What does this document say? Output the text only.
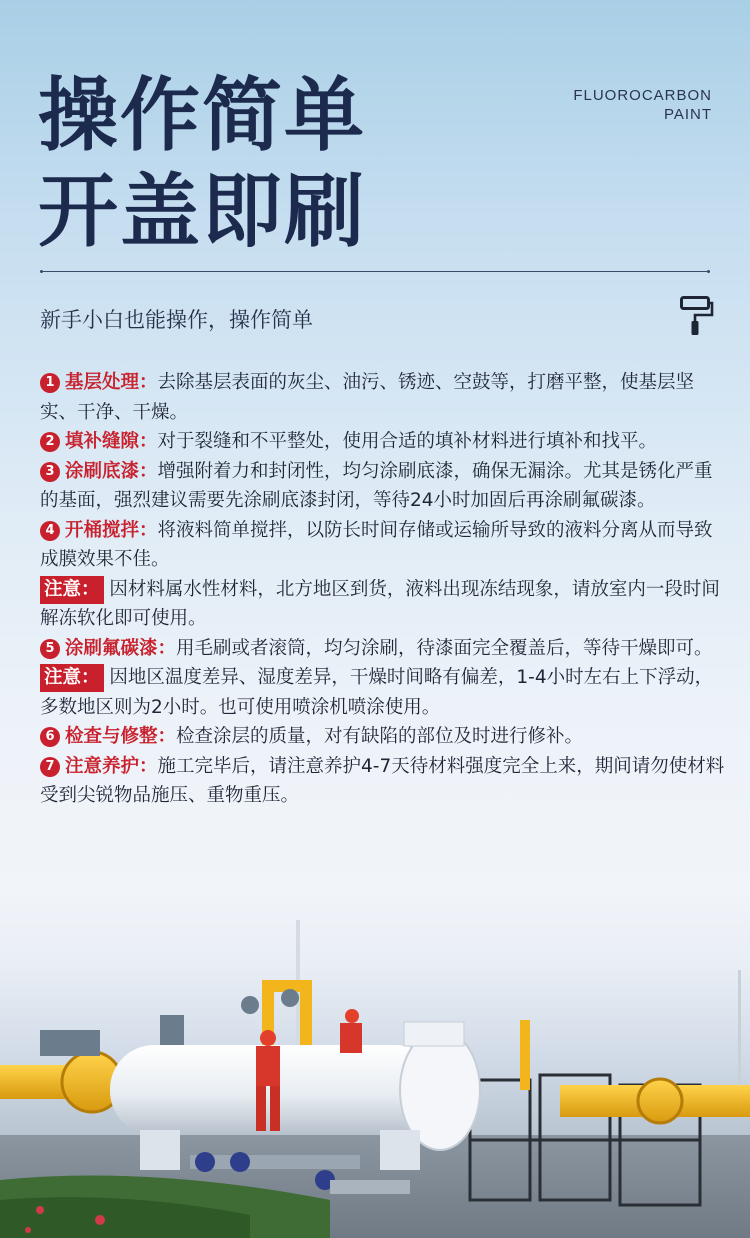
操作简单
开盖即刷
FLUOROCARBON
PAINT
新手小白也能操作，操作简单

1 基层处理：去除基层表面的灰尘、油污、锈迹、空鼓等，打磨平整，使基层坚实、干净、干燥。

2 填补缝隙：对于裂缝和不平整处，使用合适的填补材料进行填补和找平。

3 涂刷底漆：增强附着力和封闭性，均匀涂刷底漆，确保无漏涂。尤其是锈化严重的基面，强烈建议需要先涂刷底漆封闭，等待24小时加固后再涂刷氟碳漆。

4 开桶搅拌：将液料简单搅拌，以防长时间存储或运输所导致的液料分离从而导致成膜效果不佳。

注意： 因材料属水性材料，北方地区到货，液料出现冻结现象，请放室内一段时间解冻软化即可使用。

5 涂刷氟碳漆：用毛刷或者滚筒，均匀涂刷，待漆面完全覆盖后，等待干燥即可。

注意： 因地区温度差异、湿度差异，干燥时间略有偏差，1-4小时左右上下浮动，多数地区则为2小时。也可使用喷涂机喷涂使用。

6 检查与修整：检查涂层的质量，对有缺陷的部位及时进行修补。

7 注意养护：施工完毕后，请注意养护4-7天待材料强度完全上来，期间请勿使材料受到尖锐物品施压、重物重压。
